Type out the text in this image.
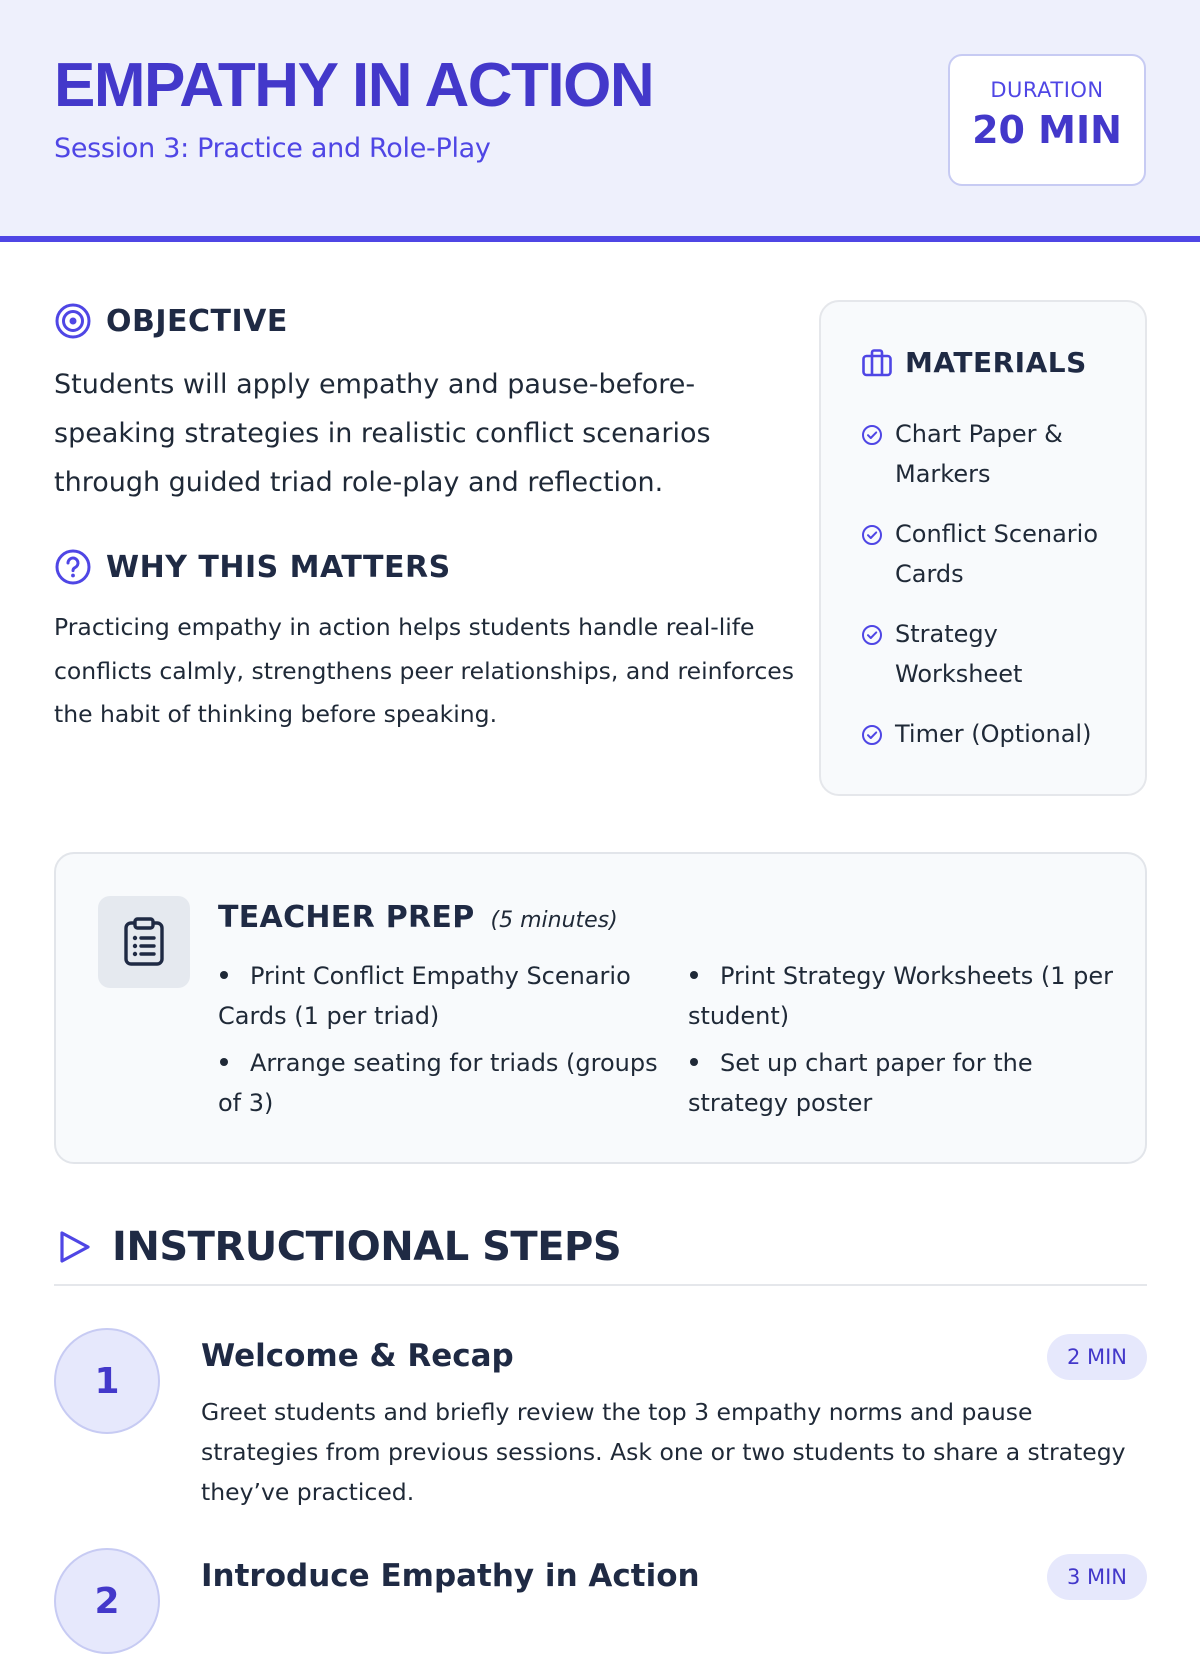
EMPATHY IN ACTION
Session 3: Practice and Role-Play
DURATION
20 MIN
OBJECTIVE
Students will apply empathy and pause-before-speaking strategies in realistic conflict scenarios through guided triad role-play and reflection.
WHY THIS MATTERS
Practicing empathy in action helps students handle real-life conflicts calmly, strengthens peer relationships, and reinforces the habit of thinking before speaking.
MATERIALS
Chart Paper & Markers
Conflict Scenario Cards
Strategy Worksheet
Timer (Optional)
TEACHER PREP (5 minutes)
Print Conflict Empathy Scenario Cards (1 per triad)
Print Strategy Worksheets (1 per student)
Arrange seating for triads (groups of 3)
Set up chart paper for the strategy poster
INSTRUCTIONAL STEPS
1
Welcome & Recap	2 MIN
Greet students and briefly review the top 3 empathy norms and pause strategies from previous sessions. Ask one or two students to share a strategy they’ve practiced.
2
Introduce Empathy in Action	3 MIN
